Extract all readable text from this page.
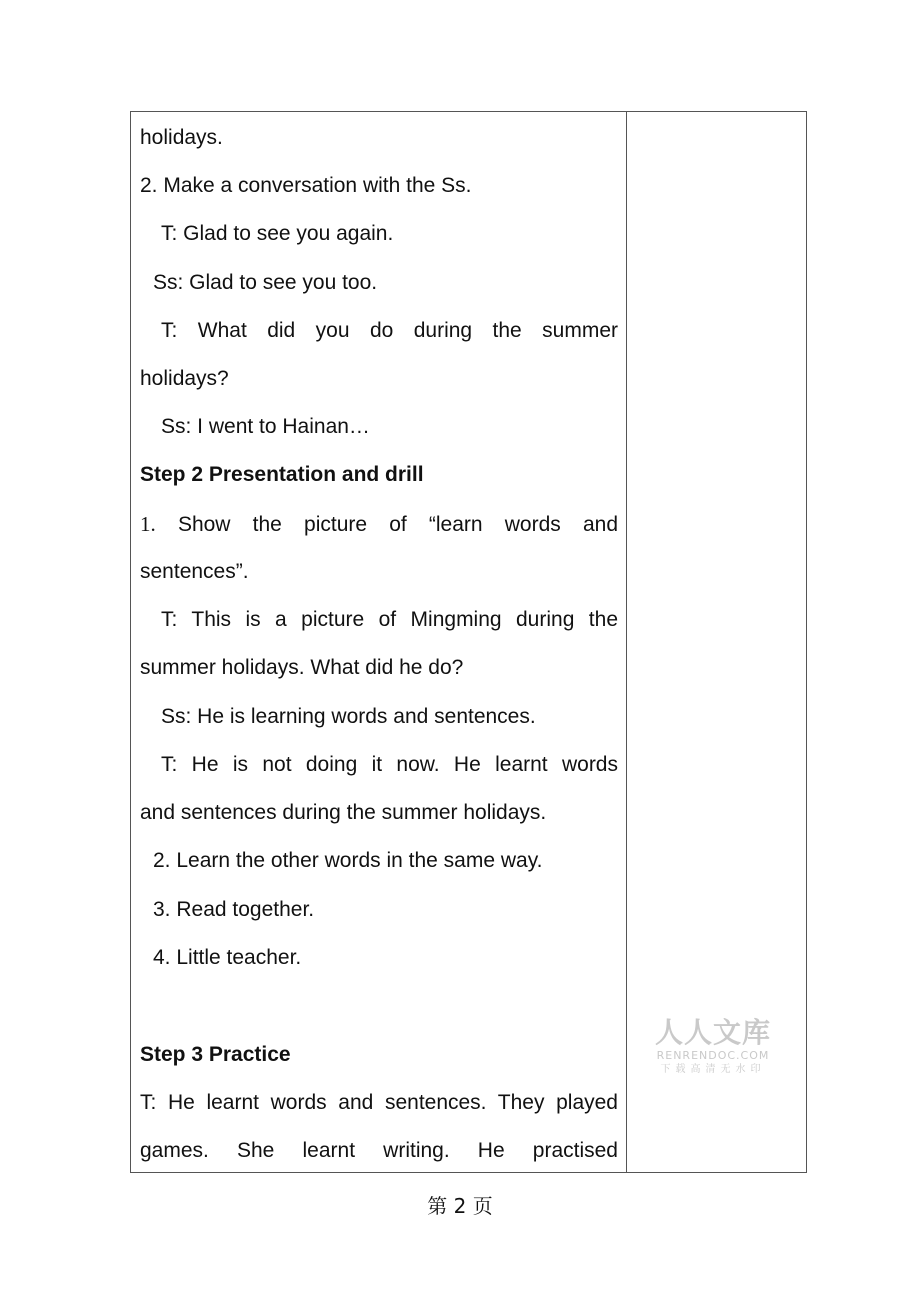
holidays.
2. Make a conversation with the Ss.
T: Glad to see you again.
Ss: Glad to see you too.
T: What did you do during the summer
holidays?
Ss: I went to Hainan…
Step 2 Presentation and drill
1. Show the picture of “learn words and
sentences”.
T: This is a picture of Mingming during the
summer holidays. What did he do?
Ss: He is learning words and sentences.
T: He is not doing it now. He learnt words
and sentences during the summer holidays.
2. Learn the other words in the same way.
3. Read together.
4. Little teacher.
Step 3 Practice
T: He learnt words and sentences. They played
games. She learnt writing. He practised
人人文库
RENRENDOC.COM
下载高清无水印
第 2 页
